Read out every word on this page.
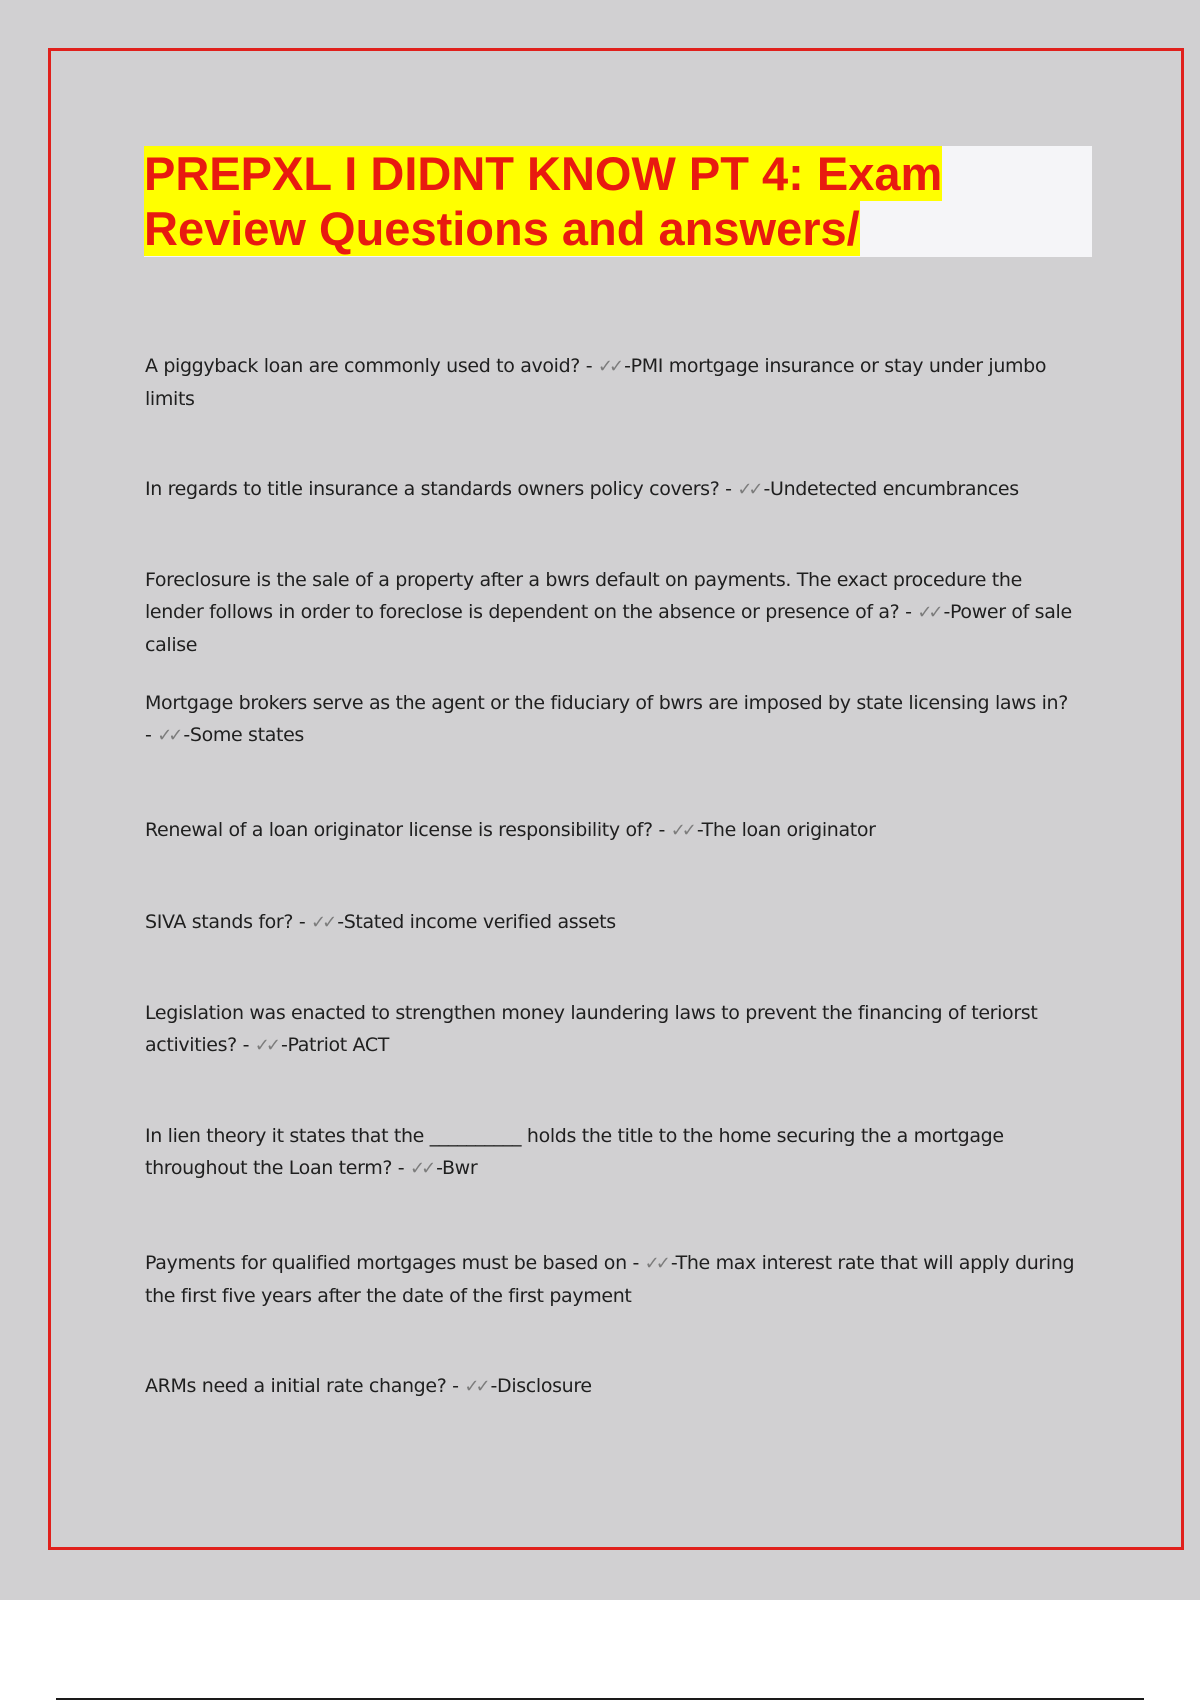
PREPXL I DIDNT KNOW PT 4: Exam
Review Questions and answers/
A piggyback loan are commonly used to avoid? - ✓✓ -PMI mortgage insurance or stay under jumbo limits
In regards to title insurance a standards owners policy covers? - ✓✓ -Undetected encumbrances
Foreclosure is the sale of a property after a bwrs default on payments. The exact procedure the lender follows in order to foreclose is dependent on the absence or presence of a? - ✓✓ -Power of sale calise
Mortgage brokers serve as the agent or the fiduciary of bwrs are imposed by state licensing laws in? - ✓✓ -Some states
Renewal of a loan originator license is responsibility of? - ✓✓ -The loan originator
SIVA stands for? - ✓✓ -Stated income verified assets
Legislation was enacted to strengthen money laundering laws to prevent the financing of teriorst activities? - ✓✓ -Patriot ACT
In lien theory it states that the __________ holds the title to the home securing the a mortgage throughout the Loan term? - ✓✓ -Bwr
Payments for qualified mortgages must be based on - ✓✓ -The max interest rate that will apply during the first five years after the date of the first payment
ARMs need a initial rate change? - ✓✓ -Disclosure
